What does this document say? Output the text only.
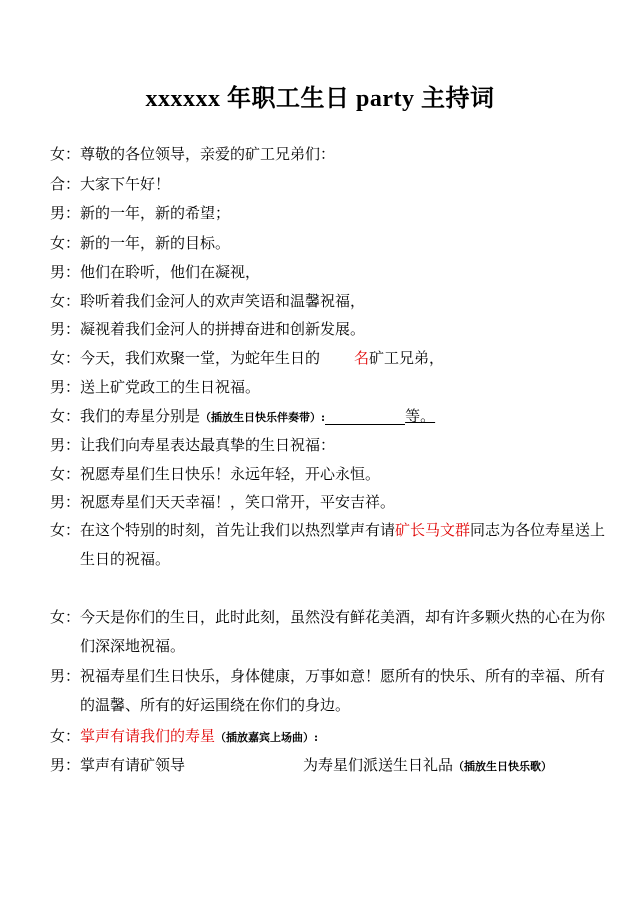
xxxxxx 年职工生日 party 主持词
女：尊敬的各位领导，亲爱的矿工兄弟们：
合：大家下午好！
男：新的一年，新的希望；
女：新的一年，新的目标。
男：他们在聆听，他们在凝视，
女：聆听着我们金河人的欢声笑语和温馨祝福，
男：凝视着我们金河人的拼搏奋进和创新发展。
女：今天，我们欢聚一堂，为蛇年生日的 名矿工兄弟，
男：送上矿党政工的生日祝福。
女：我们的寿星分别是（插放生日快乐伴奏带）:	等。
男：让我们向寿星表达最真挚的生日祝福：
女：祝愿寿星们生日快乐！永远年轻，开心永恒。
男：祝愿寿星们天天幸福！，笑口常开，平安吉祥。
女：在这个特别的时刻，首先让我们以热烈掌声有请矿长马文群同志为各位寿星送上
生日的祝福。
女：今天是你们的生日，此时此刻，虽然没有鲜花美酒，却有许多颗火热的心在为你
们深深地祝福。
男：祝福寿星们生日快乐，身体健康，万事如意！愿所有的快乐、所有的幸福、所有
的温馨、所有的好运围绕在你们的身边。
女：掌声有请我们的寿星（插放嘉宾上场曲）:
男：掌声有请矿领导	为寿星们派送生日礼品（插放生日快乐歌）
